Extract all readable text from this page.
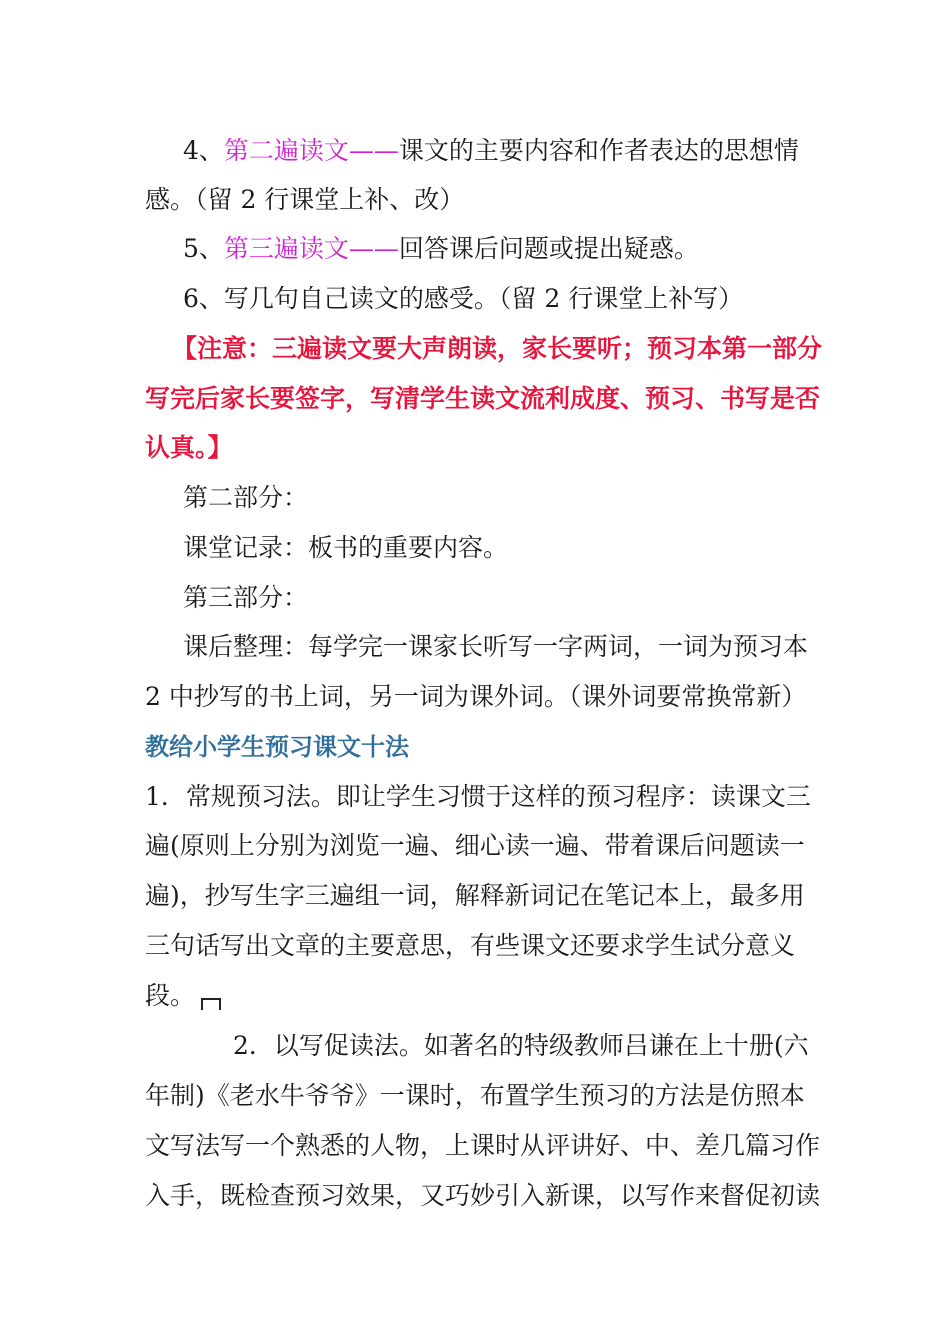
4、第二遍读文——课文的主要内容和作者表达的思想情
感。（留 2 行课堂上补、改）
5、第三遍读文——回答课后问题或提出疑惑。
6、写几句自己读文的感受。（留 2 行课堂上补写）
【注意：三遍读文要大声朗读，家长要听；预习本第一部分
写完后家长要签字，写清学生读文流利成度、预习、书写是否
认真。】
第二部分：
课堂记录：板书的重要内容。
第三部分：
课后整理：每学完一课家长听写一字两词，一词为预习本
2 中抄写的书上词，另一词为课外词。（课外词要常换常新）
教给小学生预习课文十法
1．常规预习法。即让学生习惯于这样的预习程序：读课文三
遍(原则上分别为浏览一遍、细心读一遍、带着课后问题读一
遍)，抄写生字三遍组一词，解释新词记在笔记本上，最多用
三句话写出文章的主要意思，有些课文还要求学生试分意义
段。
2．以写促读法。如著名的特级教师吕谦在上十册(六
年制)《老水牛爷爷》一课时，布置学生预习的方法是仿照本
文写法写一个熟悉的人物，上课时从评讲好、中、差几篇习作
入手，既检查预习效果，又巧妙引入新课，以写作来督促初读
